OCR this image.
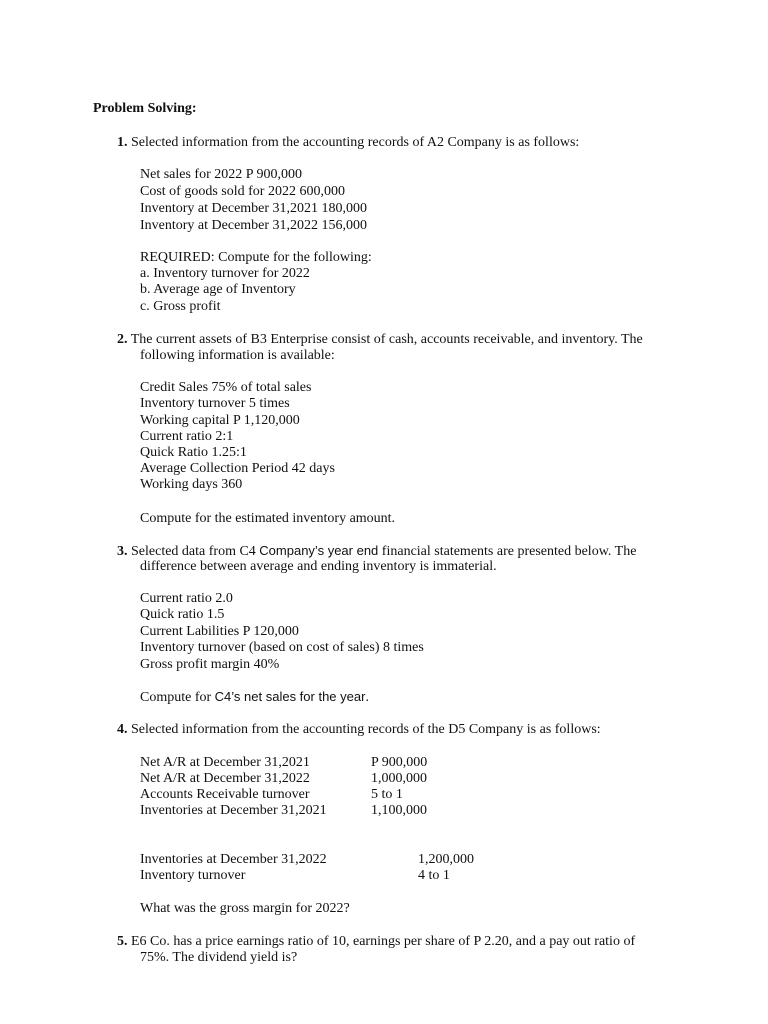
Problem Solving:
1. Selected information from the accounting records of A2 Company is as follows:
Net sales for 2022 P 900,000
Cost of goods sold for 2022 600,000
Inventory at December 31,2021 180,000
Inventory at December 31,2022 156,000
REQUIRED: Compute for the following:
a. Inventory turnover for 2022
b. Average age of Inventory
c. Gross profit
2. The current assets of B3 Enterprise consist of cash, accounts receivable, and inventory. The
following information is available:
Credit Sales 75% of total sales
Inventory turnover 5 times
Working capital P 1,120,000
Current ratio 2:1
Quick Ratio 1.25:1
Average Collection Period 42 days
Working days 360
Compute for the estimated inventory amount.
3. Selected data from C4 Company’s year end financial statements are presented below. The
difference between average and ending inventory is immaterial.
Current ratio 2.0
Quick ratio 1.5
Current Labilities P 120,000
Inventory turnover (based on cost of sales) 8 times
Gross profit margin 40%
Compute for C4’s net sales for the year.
4. Selected information from the accounting records of the D5 Company is as follows:
Net A/R at December 31,2021	P 900,000
Net A/R at December 31,2022	1,000,000
Accounts Receivable turnover	5 to 1
Inventories at December 31,2021	1,100,000
Inventories at December 31,2022	1,200,000
Inventory turnover	4 to 1
What was the gross margin for 2022?
5. E6 Co. has a price earnings ratio of 10, earnings per share of P 2.20, and a pay out ratio of
75%. The dividend yield is?
